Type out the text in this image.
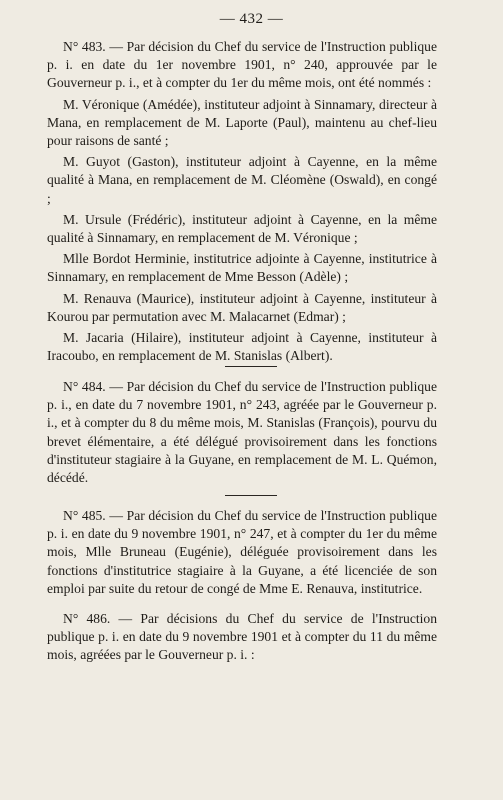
— 432 —

N° 483. — Par décision du Chef du service de l'Instruction publique p. i. en date du 1er novembre 1901, n° 240, approuvée par le Gouverneur p. i., et à compter du 1er du même mois, ont été nommés :

M. Véronique (Amédée), instituteur adjoint à Sinnamary, directeur à Mana, en remplacement de M. Laporte (Paul), maintenu au chef-lieu pour raisons de santé ;

M. Guyot (Gaston), instituteur adjoint à Cayenne, en la même qualité à Mana, en remplacement de M. Cléomène (Oswald), en congé ;

M. Ursule (Frédéric), instituteur adjoint à Cayenne, en la même qualité à Sinnamary, en remplacement de M. Véronique ;

Mlle Bordot Herminie, institutrice adjointe à Cayenne, institutrice à Sinnamary, en remplacement de Mme Besson (Adèle) ;

M. Renauva (Maurice), instituteur adjoint à Cayenne, instituteur à Kourou par permutation avec M. Malacarnet (Edmar) ;

M. Jacaria (Hilaire), instituteur adjoint à Cayenne, instituteur à Iracoubo, en remplacement de M. Stanislas (Albert).

N° 484. — Par décision du Chef du service de l'Instruction publique p. i., en date du 7 novembre 1901, n° 243, agréée par le Gouverneur p. i., et à compter du 8 du même mois, M. Stanislas (François), pourvu du brevet élémentaire, a été délégué provisoirement dans les fonctions d'instituteur stagiaire à la Guyane, en remplacement de M. L. Quémon, décédé.

N° 485. — Par décision du Chef du service de l'Instruction publique p. i. en date du 9 novembre 1901, n° 247, et à compter du 1er du même mois, Mlle Bruneau (Eugénie), déléguée provisoirement dans les fonctions d'institutrice stagiaire à la Guyane, a été licenciée de son emploi par suite du retour de congé de Mme E. Renauva, institutrice.

N° 486. — Par décisions du Chef du service de l'Instruction publique p. i. en date du 9 novembre 1901 et à compter du 11 du même mois, agréées par le Gouverneur p. i. :
